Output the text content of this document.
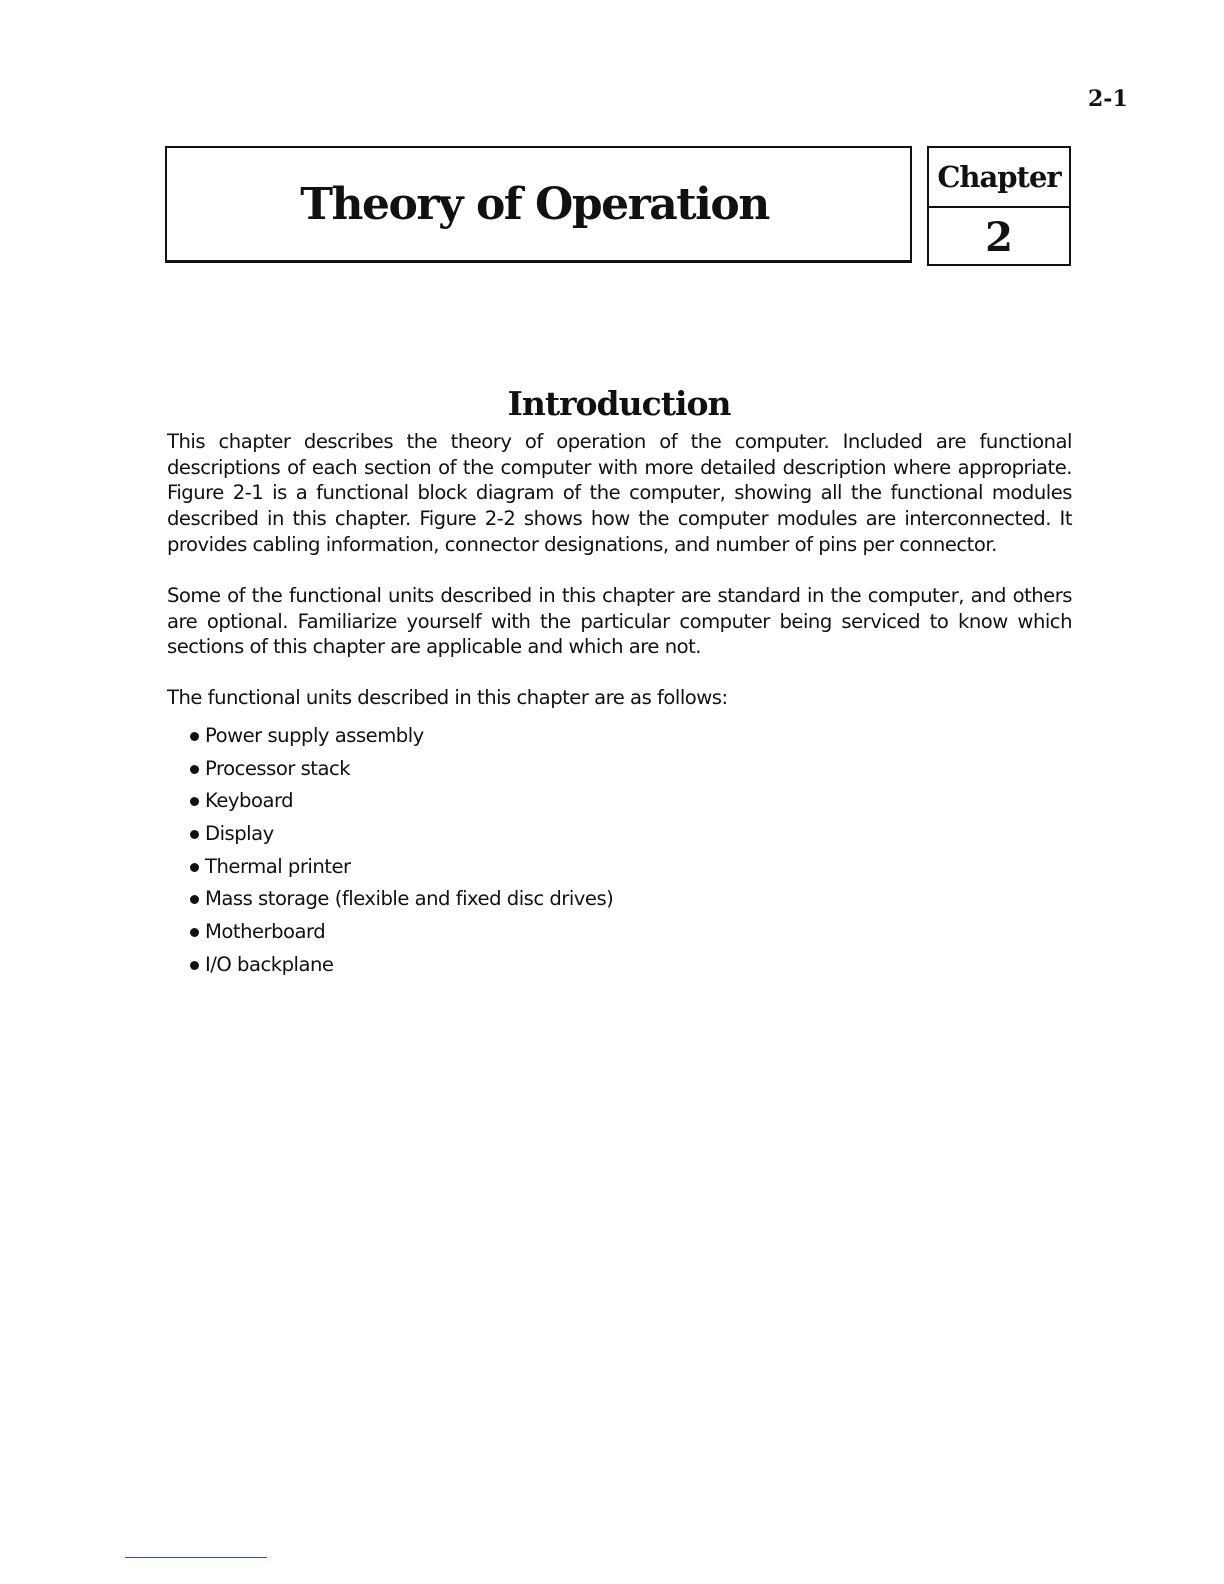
2-1
Theory of Operation
Chapter
2
Introduction

This chapter describes the theory of operation of the computer. Included are functional descriptions of each section of the computer with more detailed description where appropriate. Figure 2-1 is a functional block diagram of the computer, showing all the functional modules described in this chapter. Figure 2-2 shows how the computer modules are interconnected. It provides cabling information, connector designations, and number of pins per connector.

Some of the functional units described in this chapter are standard in the computer, and others are optional. Familiarize yourself with the particular computer being serviced to know which sections of this chapter are applicable and which are not.

The functional units described in this chapter are as follows:

Power supply assembly
Processor stack
Keyboard
Display
Thermal printer
Mass storage (flexible and fixed disc drives)
Motherboard
I/O backplane
